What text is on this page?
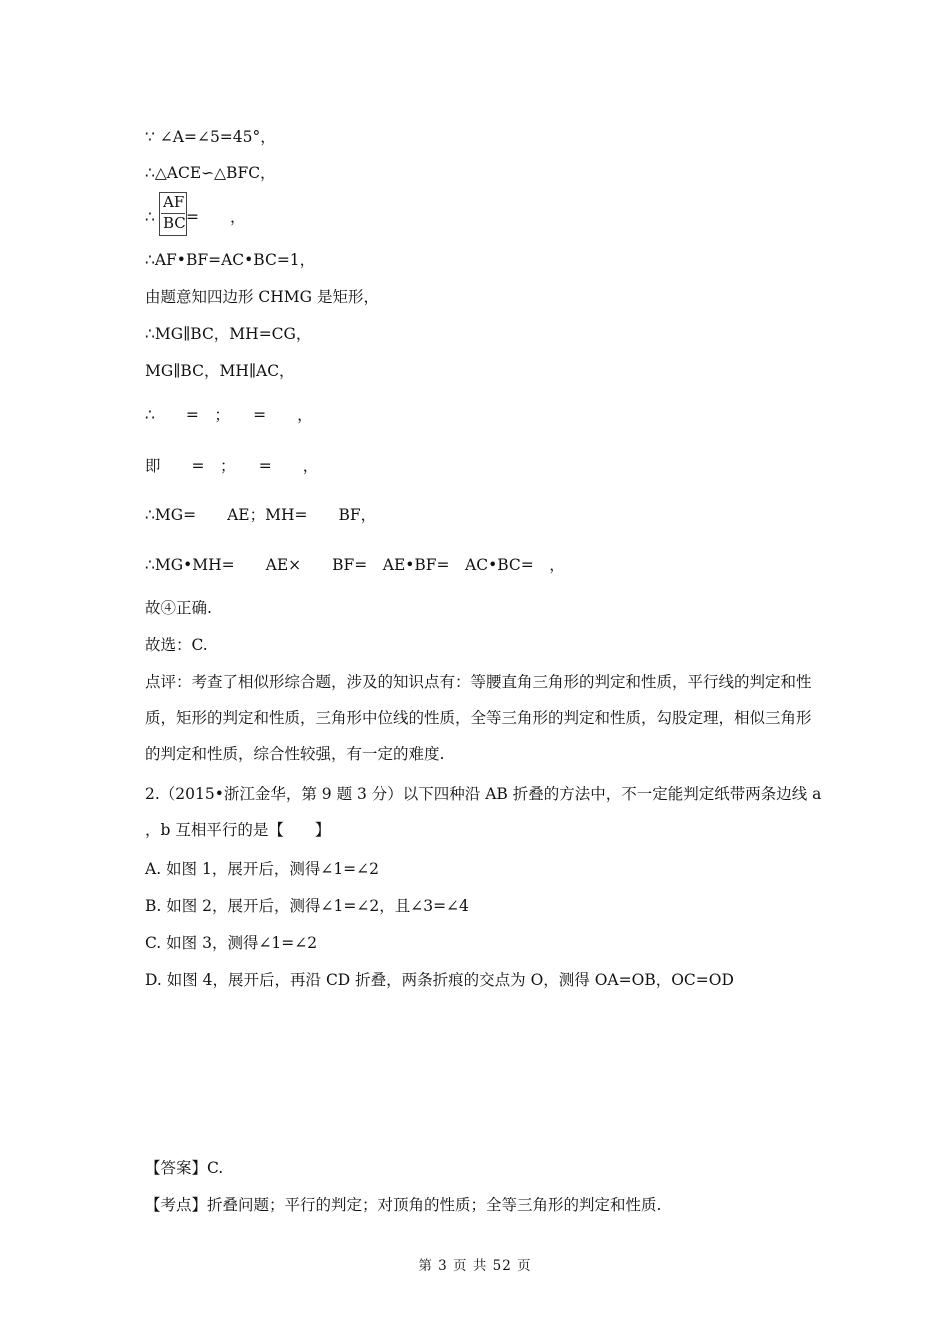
∵ ∠A=∠5=45°，
∴△ACE∽△BFC，
∴
AF
BC =　　，
∴AF•BF=AC•BC=1，
由题意知四边形 CHMG 是矩形，
∴MG∥BC，MH=CG，
MG∥BC，MH∥AC，
∴　　=　；　　=　　，
即　　=　；　　=　　，
∴MG=　　AE；MH=　　BF，
∴MG•MH=　　AE×　　BF=　AE•BF=　AC•BC=　，
故④正确.
故选：C.
点评：考查了相似形综合题，涉及的知识点有：等腰直角三角形的判定和性质，平行线的判定和性质，矩形的判定和性质，三角形中位线的性质，全等三角形的判定和性质，勾股定理，相似三角形的判定和性质，综合性较强，有一定的难度.
2.（2015•浙江金华，第 9 题 3 分）以下四种沿 AB 折叠的方法中，不一定能判定纸带两条边线 a ，b 互相平行的是【　　】
A. 如图 1，展开后，测得∠1=∠2
B. 如图 2，展开后，测得∠1=∠2，且∠3=∠4
C. 如图 3，测得∠1=∠2
D. 如图 4，展开后，再沿 CD 折叠，两条折痕的交点为 O，测得 OA=OB，OC=OD
【答案】C.
【考点】折叠问题；平行的判定；对顶角的性质；全等三角形的判定和性质.
第 3 页 共 52 页
